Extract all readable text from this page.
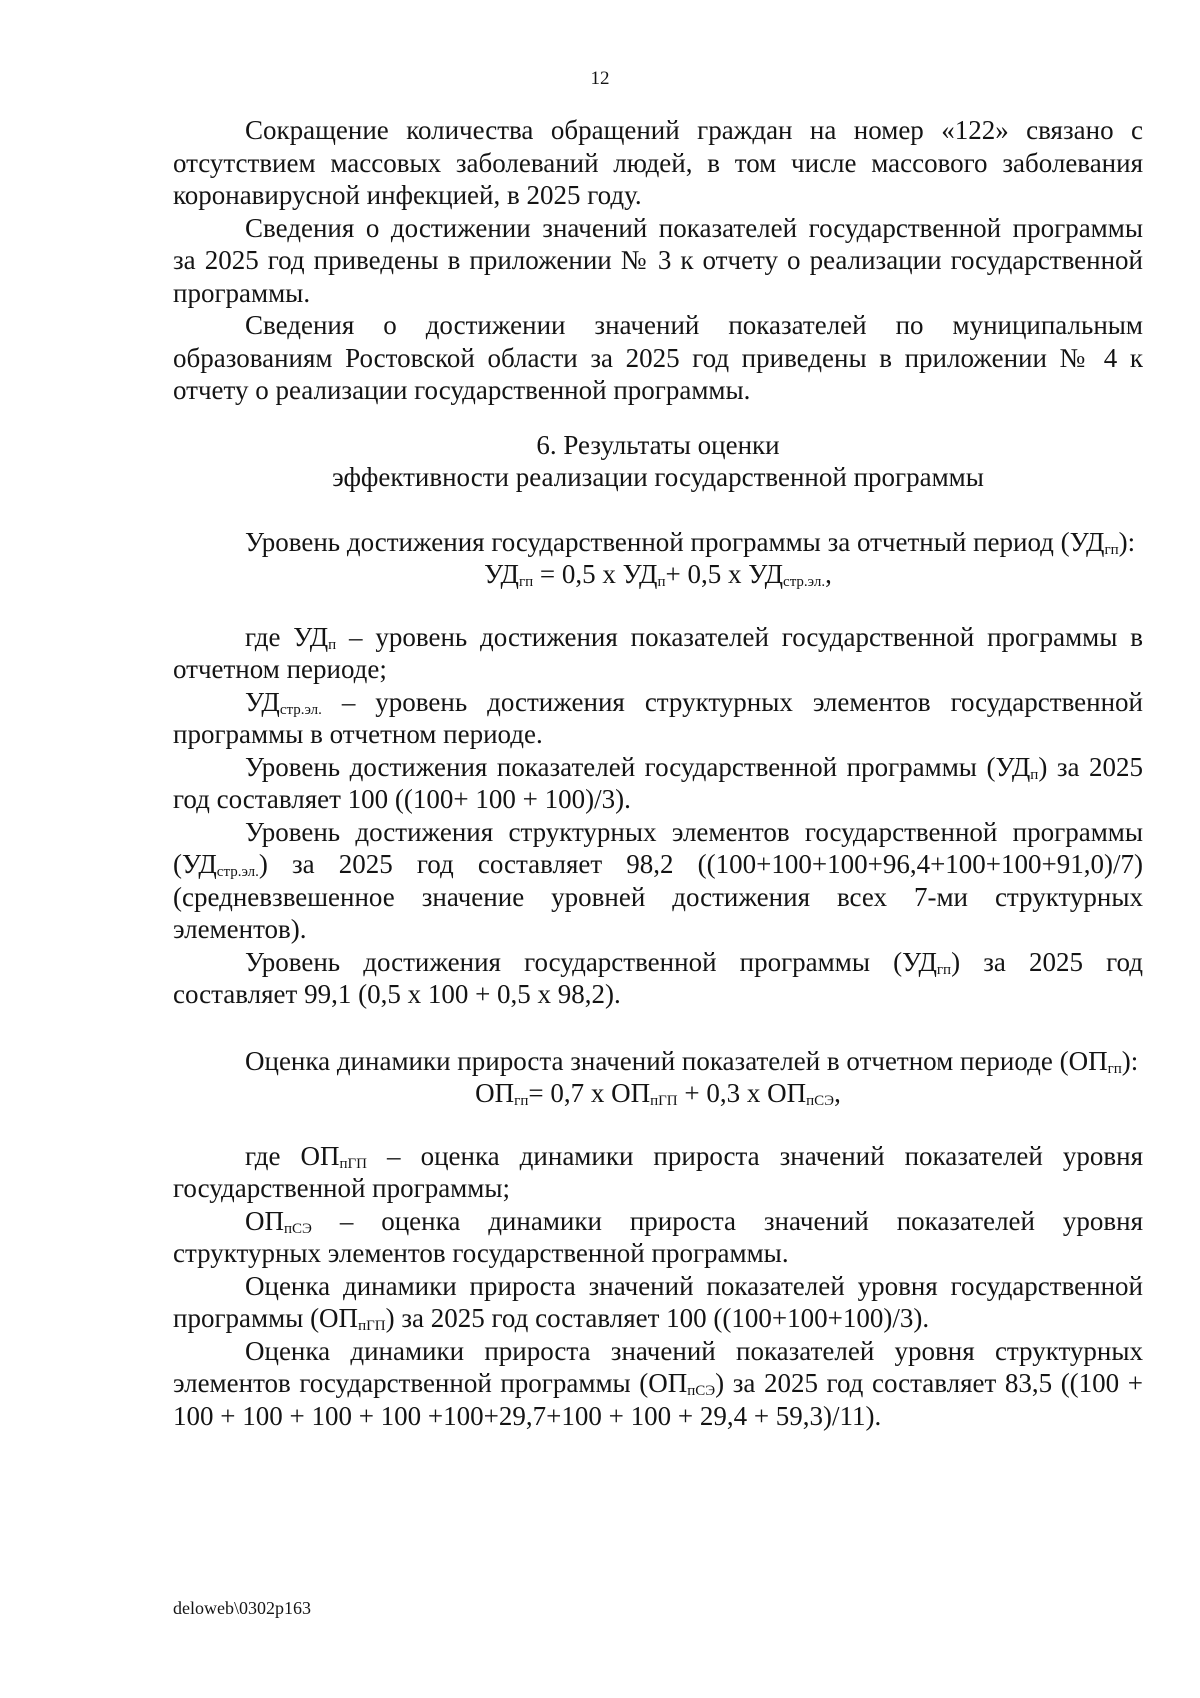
12

Сокращение количества обращений граждан на номер «122» связано с отсутствием массовых заболеваний людей, в том числе массового заболевания коронавирусной инфекцией, в 2025 году.

Сведения о достижении значений показателей государственной программы за 2025 год приведены в приложении № 3 к отчету о реализации государственной программы.

Сведения о достижении значений показателей по муниципальным образованиям Ростовской области за 2025 год приведены в приложении № 4 к отчету о реализации государственной программы.

6. Результаты оценки

эффективности реализации государственной программы

Уровень достижения государственной программы за отчетный период $(УД_{гп})$:

$УД_{гп} = 0,5$ х $УД_п+ 0,5$ х $УД_{стр.эл.}$,

где $УД_п$ – уровень достижения показателей государственной программы в отчетном периоде;

$УД_{стр.эл.}$ – уровень достижения структурных элементов государственной программы в отчетном периоде.

Уровень достижения показателей государственной программы $(УД_п)$ за 2025 год составляет 100 ((100+ 100 + 100)/3).

Уровень достижения структурных элементов государственной программы $(УД_{стр.эл.})$ за 2025 год составляет 98,2 ((100+100+100+96,4+100+100+91,0)/7) (средневзвешенное значение уровней достижения всех 7-ми структурных элементов).

Уровень достижения государственной программы $(УД_{гп})$ за 2025 год составляет 99,1 (0,5 х 100 + 0,5 х 98,2).

Оценка динамики прироста значений показателей в отчетном периоде $(ОП_{гп})$:

$ОП_{гп}= 0,7$ х $ОП_{пГП} + 0,3$ х $ОП_{пСЭ}$,

где $ОП_{пГП}$ – оценка динамики прироста значений показателей уровня государственной программы;

$ОП_{пСЭ}$ – оценка динамики прироста значений показателей уровня структурных элементов государственной программы.

Оценка динамики прироста значений показателей уровня государственной программы $(ОП_{пГП})$ за 2025 год составляет 100 ((100+100+100)/3).

Оценка динамики прироста значений показателей уровня структурных элементов государственной программы $(ОП_{пСЭ})$ за 2025 год составляет 83,5 ((100 + 100 + 100 + 100 + 100 +100+29,7+100 + 100 + 29,4 + 59,3)/11).

deloweb\0302p163
